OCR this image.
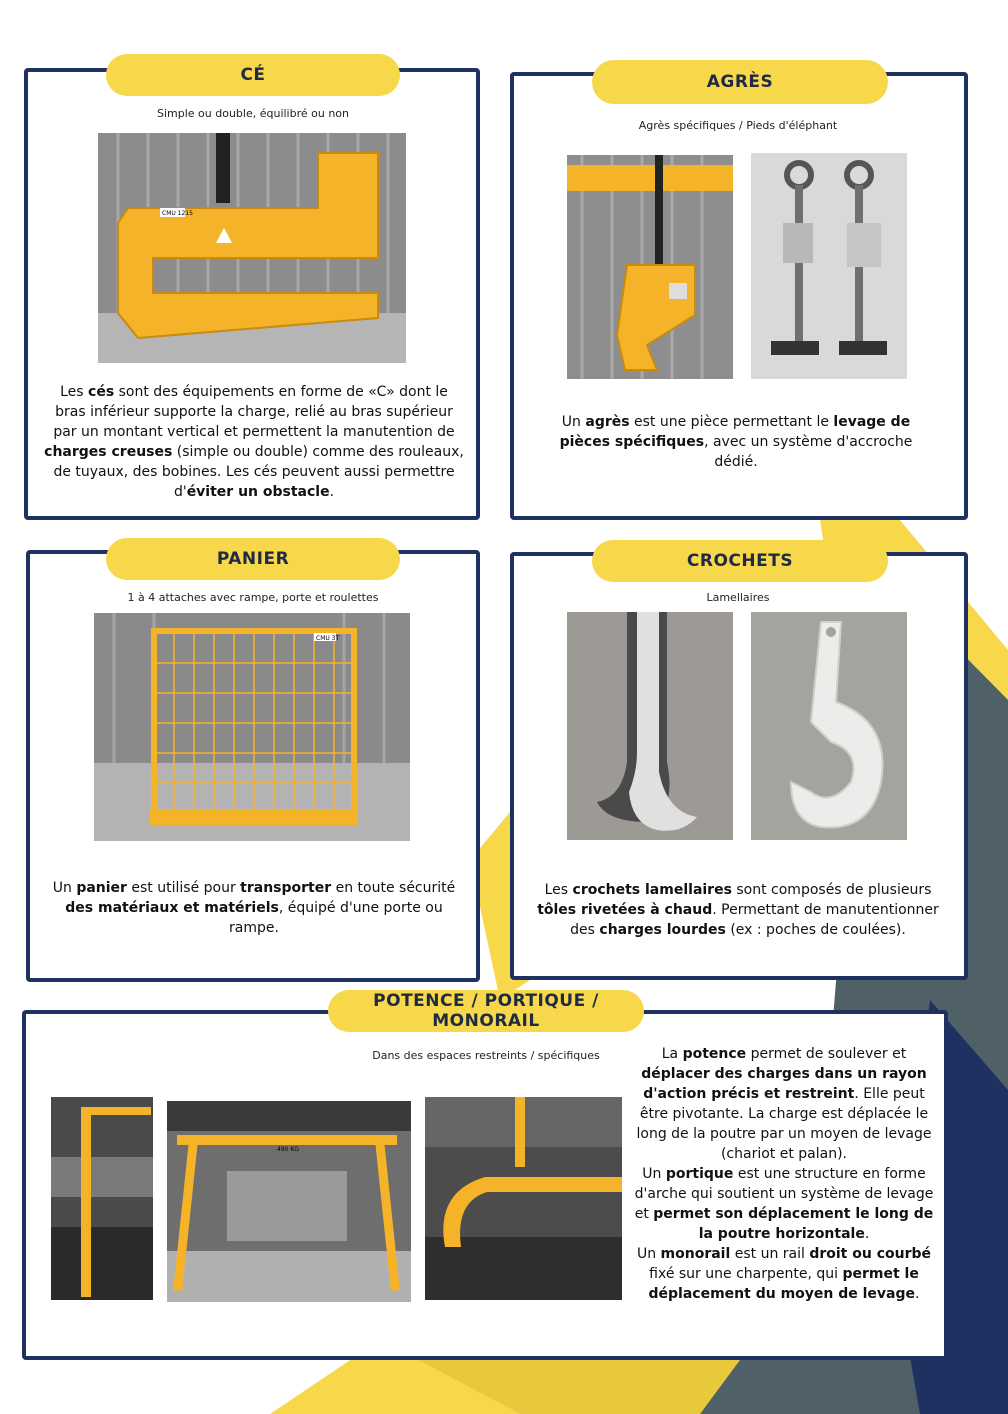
CÉ
Simple ou double, équilibré ou non
CMU 1215

Les cés sont des équipements en forme de «C» dont le bras inférieur supporte la charge, relié au bras supérieur par un montant vertical et permettent la manutention de charges creuses (simple ou double) comme des rouleaux, de tuyaux, des bobines. Les cés peuvent aussi permettre d'éviter un obstacle.

AGRÈS
Agrès spécifiques / Pieds d'éléphant

Un agrès est une pièce permettant le levage de pièces spécifiques, avec un système d'accroche dédié.

PANIER
1 à 4 attaches avec rampe, porte et roulettes
CMU 3T

Un panier est utilisé pour transporter en toute sécurité des matériaux et matériels, équipé d'une porte ou rampe.

CROCHETS
Lamellaires

Les crochets lamellaires sont composés de plusieurs tôles rivetées à chaud. Permettant de manutentionner des charges lourdes (ex : poches de coulées).

POTENCE / PORTIQUE / MONORAIL
Dans des espaces restreints / spécifiques
490 KG

La potence permet de soulever et déplacer des charges dans un rayon d'action précis et restreint. Elle peut être pivotante. La charge est déplacée le long de la poutre par un moyen de levage (chariot et palan).
Un portique est une structure en forme d'arche qui soutient un système de levage et permet son déplacement le long de la poutre horizontale.
Un monorail est un rail droit ou courbé fixé sur une charpente, qui permet le déplacement du moyen de levage.
